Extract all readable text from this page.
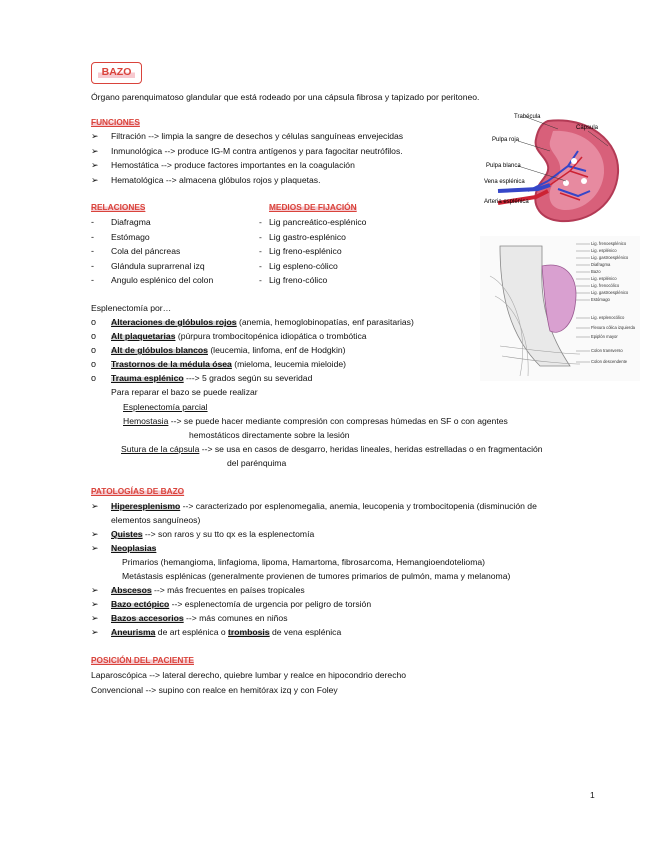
BAZO
Órgano parenquimatoso glandular que está rodeado por una cápsula fibrosa y tapizado por peritoneo.
FUNCIONES
➢ Filtración --> limpia la sangre de desechos y células sanguíneas envejecidas
➢ Inmunológica --> produce IG-M contra antígenos y para fagocitar neutrófilos.
➢ Hemostática --> produce factores importantes en la coagulación
➢ Hematológica --> almacena glóbulos rojos y plaquetas.
RELACIONES
- Diafragma
- Estómago
- Cola del páncreas
- Glándula suprarrenal izq
- Angulo esplénico del colon
MEDIOS DE FIJACIÓN
- Lig pancreático-esplénico
- Lig gastro-esplénico
- Lig freno-esplénico
- Lig espleno-cólico
- Lig freno-cólico
Trabécula
Cápsula
Pulpa roja
Pulpa blanca
Vena esplénica
Arteria esplénica
Lig. frenoesplénico
Lig. esplénico
Lig. gastroesplénico
Diafragma
Bazo
Lig. esplénico
Lig. frenocólico
Lig. gastroesplénico
Estómago
Lig. esplenocólico
Flexura cólica izquierda
Epiplón mayor
Colon transverso
Colon descendente
Esplenectomía por…
o Alteraciones de glóbulos rojos (anemia, hemoglobinopatías, enf parasitarias)
o Alt plaquetarias (púrpura trombocitopénica idiopática o trombótica
o Alt de glóbulos blancos (leucemia, linfoma, enf de Hodgkin)
o Trastornos de la médula ósea (mieloma, leucemia mieloide)
o Trauma esplénico ---> 5 grados según su severidad
Para reparar el bazo se puede realizar
Esplenectomía parcial
Hemostasia --> se puede hacer mediante compresión con compresas húmedas en SF o con agentes
hemostáticos directamente sobre la lesión
Sutura de la cápsula --> se usa en casos de desgarro, heridas lineales, heridas estrelladas o en fragmentación
del parénquima
PATOLOGÍAS DE BAZO
➢ Hiperesplenismo --> caracterizado por esplenomegalia, anemia, leucopenia y trombocitopenia (disminución de
elementos sanguíneos)
➢ Quistes --> son raros y su tto qx es la esplenectomía
➢ Neoplasias
Primarios (hemangioma, linfagioma, lipoma, Hamartoma, fibrosarcoma, Hemangioendotelioma)
Metástasis esplénicas (generalmente provienen de tumores primarios de pulmón, mama y melanoma)
➢ Abscesos --> más frecuentes en países tropicales
➢ Bazo ectópico --> esplenectomía de urgencia por peligro de torsión
➢ Bazos accesorios --> más comunes en niños
➢ Aneurisma de art esplénica o trombosis de vena esplénica
POSICIÓN DEL PACIENTE
Laparoscópica --> lateral derecho, quiebre lumbar y realce en hipocondrio derecho
Convencional --> supino con realce en hemitórax izq y con Foley
1
